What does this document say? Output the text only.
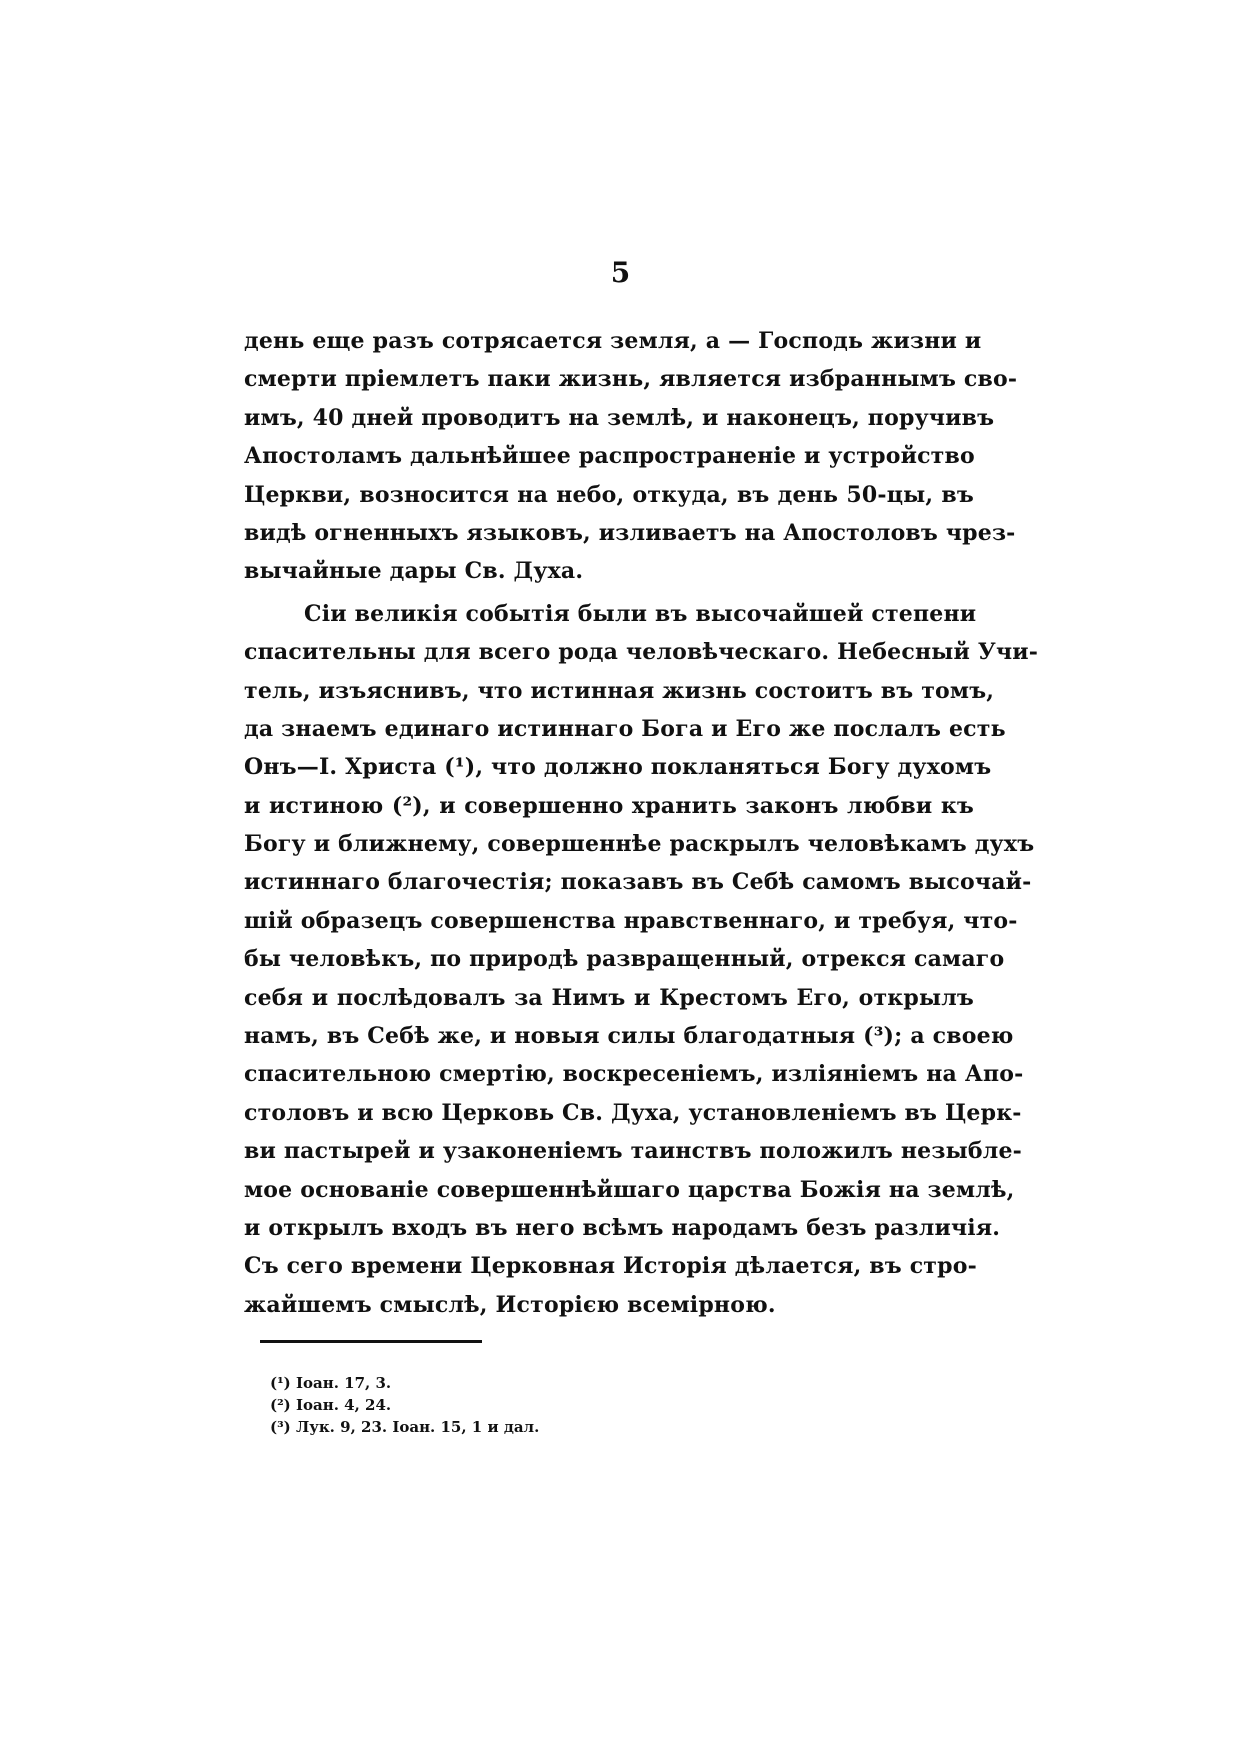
5
день еще разъ сотрясается земля, а — Господь жизни и
смерти пріемлетъ паки жизнь, является избраннымъ сво-
имъ, 40 дней проводитъ на землѣ, и наконецъ, поручивъ
Апостоламъ дальнѣйшее распространеніе и устройство
Церкви, возносится на небо, откуда, въ день 50-цы, въ
видѣ огненныхъ языковъ, изливаетъ на Апостоловъ чрез-
вычайные дары Св. Духа.
Сіи великія событія были въ высочайшей степени
спасительны для всего рода человѣческаго. Небесный Учи-
тель, изъяснивъ, что истинная жизнь состоитъ въ томъ,
да знаемъ единаго истиннаго Бога и Его же послалъ есть
Онъ—І. Христа (¹), что должно покланяться Богу духомъ
и истиною (²), и совершенно хранить законъ любви къ
Богу и ближнему, совершеннѣе раскрылъ человѣкамъ духъ
истиннаго благочестія; показавъ въ Себѣ самомъ высочай-
шій образецъ совершенства нравственнаго, и требуя, что-
бы человѣкъ, по природѣ развращенный, отрекся самаго
себя и послѣдовалъ за Нимъ и Крестомъ Его, открылъ
намъ, въ Себѣ же, и новыя силы благодатныя (³); а своею
спасительною смертію, воскресеніемъ, изліяніемъ на Апо-
столовъ и всю Церковь Св. Духа, установленіемъ въ Церк-
ви пастырей и узаконеніемъ таинствъ положилъ незыбле-
мое основаніе совершеннѣйшаго царства Божія на землѣ,
и открылъ входъ въ него всѣмъ народамъ безъ различія.
Съ сего времени Церковная Исторія дѣлается, въ стро-
жайшемъ смыслѣ, Исторією всемірною.
(¹) Іоан. 17, 3.
(²) Іоан. 4, 24.
(³) Лук. 9, 23. Іоан. 15, 1 и дал.
